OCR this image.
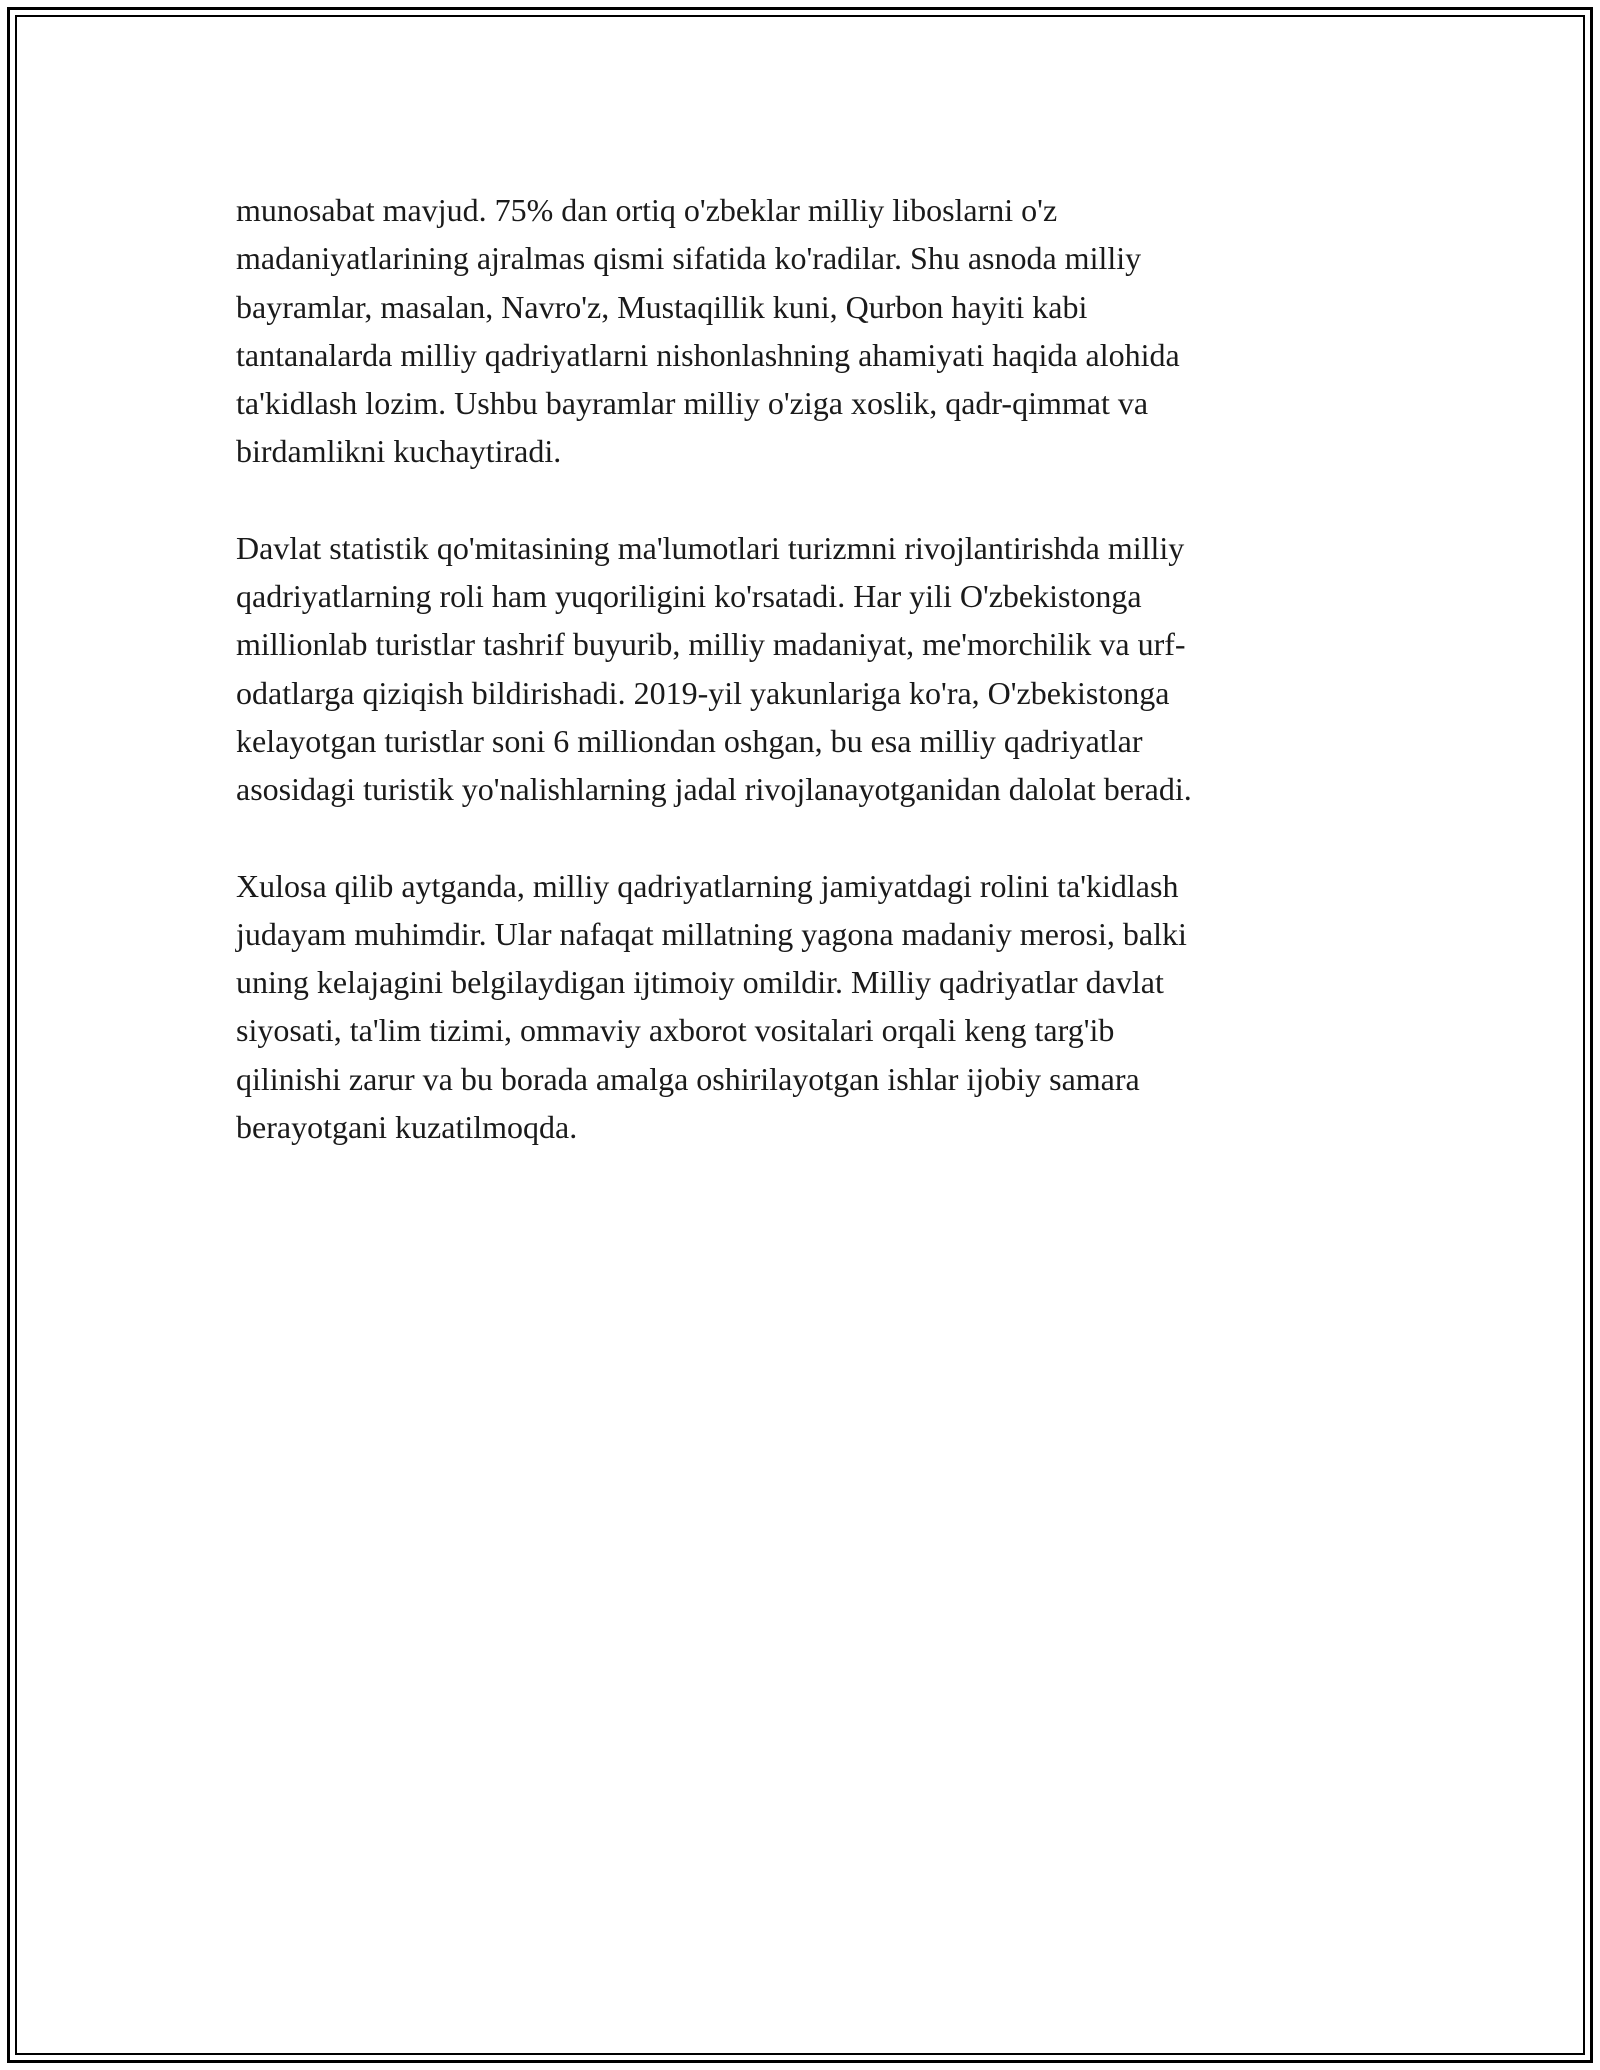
munosabat mavjud. 75% dan ortiq o'zbeklar milliy liboslarni o'z
madaniyatlarining ajralmas qismi sifatida ko'radilar. Shu asnoda milliy
bayramlar, masalan, Navro'z, Mustaqillik kuni, Qurbon hayiti kabi
tantanalarda milliy qadriyatlarni nishonlashning ahamiyati haqida alohida
ta'kidlash lozim. Ushbu bayramlar milliy o'ziga xoslik, qadr-qimmat va
birdamlikni kuchaytiradi.

Davlat statistik qo'mitasining ma'lumotlari turizmni rivojlantirishda milliy
qadriyatlarning roli ham yuqoriligini ko'rsatadi. Har yili O'zbekistonga
millionlab turistlar tashrif buyurib, milliy madaniyat, me'morchilik va urf-
odatlarga qiziqish bildirishadi. 2019-yil yakunlariga ko'ra, O'zbekistonga
kelayotgan turistlar soni 6 milliondan oshgan, bu esa milliy qadriyatlar
asosidagi turistik yo'nalishlarning jadal rivojlanayotganidan dalolat beradi.

Xulosa qilib aytganda, milliy qadriyatlarning jamiyatdagi rolini ta'kidlash
judayam muhimdir. Ular nafaqat millatning yagona madaniy merosi, balki
uning kelajagini belgilaydigan ijtimoiy omildir. Milliy qadriyatlar davlat
siyosati, ta'lim tizimi, ommaviy axborot vositalari orqali keng targ'ib
qilinishi zarur va bu borada amalga oshirilayotgan ishlar ijobiy samara
berayotgani kuzatilmoqda.
